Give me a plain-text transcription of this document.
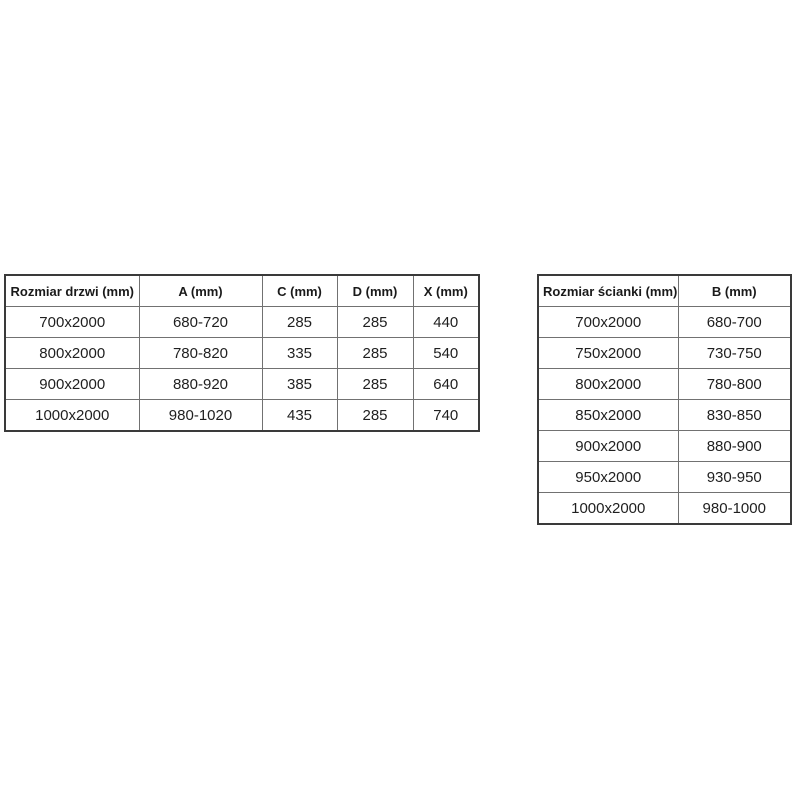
Rozmiar drzwi (mm)	A (mm)	C (mm)	D (mm)	X (mm)
700x2000	680-720	285	285	440
800x2000	780-820	335	285	540
900x2000	880-920	385	285	640
1000x2000	980-1020	435	285	740
Rozmiar ścianki (mm)	B (mm)
700x2000	680-700
750x2000	730-750
800x2000	780-800
850x2000	830-850
900x2000	880-900
950x2000	930-950
1000x2000	980-1000
